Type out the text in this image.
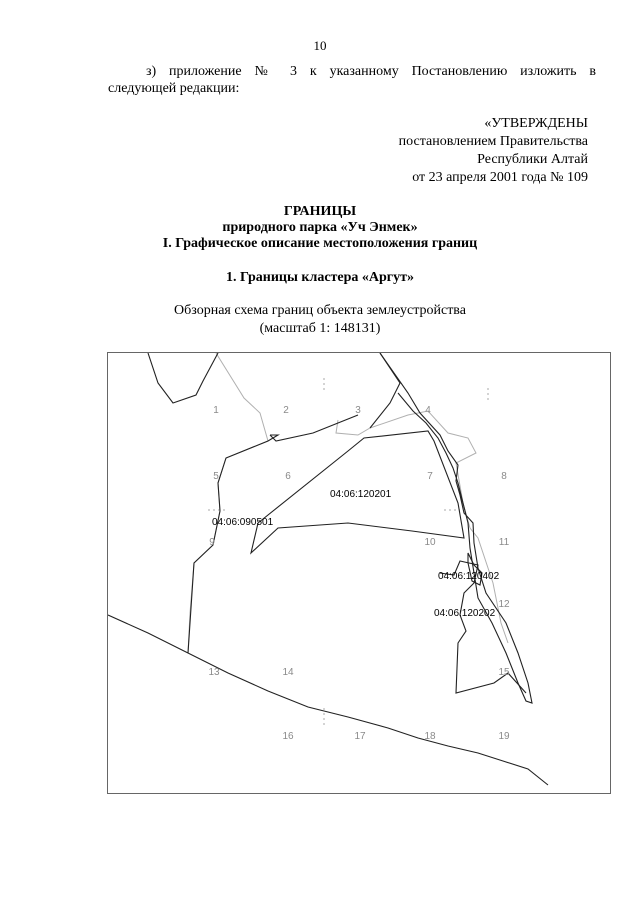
10
з) приложение № 3 к указанному Постановлению изложить в
следующей редакции:
«УТВЕРЖДЕНЫ
постановлением Правительства
Республики Алтай
от 23 апреля 2001 года № 109
ГРАНИЦЫ
природного парка «Уч Энмек»
I. Графическое описание местоположения границ
1. Границы кластера «Аргут»
Обзорная схема границ объекта землеустройства
(масштаб 1: 148131)
1	2	3	4
5	6	7	8
9	10	11
12
13	14	15
16	17	18	19
04:06:120201
04:06:090501
04:06:120402
04:06:120202
